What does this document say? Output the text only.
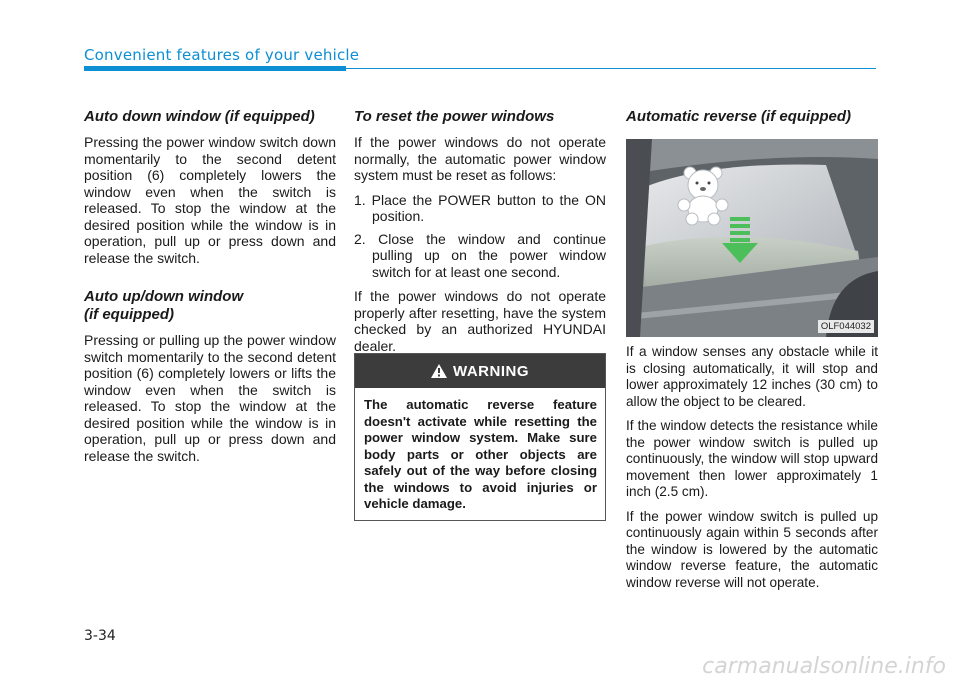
Convenient features of your vehicle
Auto down window (if equipped)

Pressing the power window switch down momentarily to the second detent position (6) completely lowers the window even when the switch is released. To stop the window at the desired position while the window is in operation, pull up or press down and release the switch.

Auto up/down window
(if equipped)

Pressing or pulling up the power window switch momentarily to the second detent position (6) completely lowers or lifts the window even when the switch is released. To stop the window at the desired position while the window is in operation, pull up or press down and release the switch.

To reset the power windows

If the power windows do not operate normally, the automatic power window system must be reset as follows:

1. Place the POWER button to the ON position.
2. Close the window and continue pulling up on the power window switch for at least one second.

If the power windows do not operate properly after resetting, have the system checked by an authorized HYUNDAI dealer.

WARNING
The automatic reverse feature doesn't activate while resetting the power window system. Make sure body parts or other objects are safely out of the way before closing the windows to avoid injuries or vehicle damage.
Automatic reverse (if equipped)
OLF044032

If a window senses any obstacle while it is closing automatically, it will stop and lower approximately 12 inches (30 cm) to allow the object to be cleared.

If the window detects the resistance while the power window switch is pulled up continuously, the window will stop upward movement then lower approximately 1 inch (2.5 cm).

If the power window switch is pulled up continuously again within 5 seconds after the window is lowered by the automatic window reverse feature, the automatic window reverse will not operate.

3-34
carmanualsonline.info
